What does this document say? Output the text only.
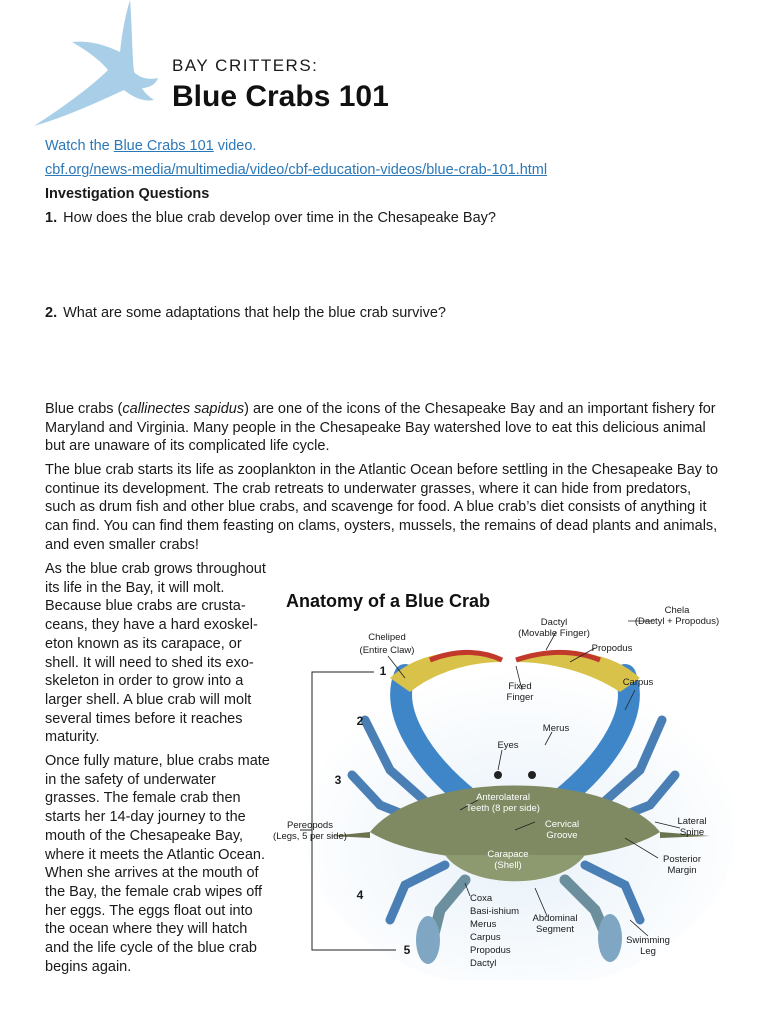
BAY CRITTERS:
Blue Crabs 101
Watch the Blue Crabs 101 video.
cbf.org/news-media/multimedia/video/cbf-education-videos/blue-crab-101.html
Investigation Questions
1. How does the blue crab develop over time in the Chesapeake Bay?
2. What are some adaptations that help the blue crab survive?

Blue crabs (callinectes sapidus) are one of the icons of the Chesapeake Bay and an important fishery for Maryland and Virginia. Many people in the Chesapeake Bay watershed love to eat this delicious animal but are unaware of its complicated life cycle.

The blue crab starts its life as zooplankton in the Atlantic Ocean before settling in the Chesapeake Bay to continue its development. The crab retreats to underwater grasses, where it can hide from predators, such as drum fish and other blue crabs, and scavenge for food. A blue crab’s diet consists of anything it can find. You can find them feasting on clams, oysters, mussels, the remains of dead plants and animals, and even smaller crabs!

As the blue crab grows throughout its life in the Bay, it will molt. Because blue crabs are crustaceans, they have a hard exoskeleton known as its carapace, or shell. It will need to shed its exoskeleton in order to grow into a larger shell. A blue crab will molt several times before it reaches maturity.

Once fully mature, blue crabs mate in the safety of underwater grasses. The female crab then starts her 14-day journey to the mouth of the Chesapeake Bay, where it meets the Atlantic Ocean. When she arrives at the mouth of the Bay, the female crab wipes off her eggs. The eggs float out into the ocean where they will hatch and the life cycle of the blue crab begins again.

Anatomy of a Blue Crab
Cheliped
(Entire Claw)
Dactyl
(Movable Finger)
Chela
(Dactyl + Propodus)
Propodus
Fixed
Finger
Carpus
Merus
Eyes
Anterolateral
Teeth (8 per side)
Cervical
Groove
Carapace
(Shell)
Lateral
Spine
Posterior
Margin
Pereopods
(Legs, 5 per side)
Coxa
Basi-ishium
Merus
Carpus
Propodus
Dactyl
Abdominal
Segment
Swimming
Leg
1
2
3
4
5
